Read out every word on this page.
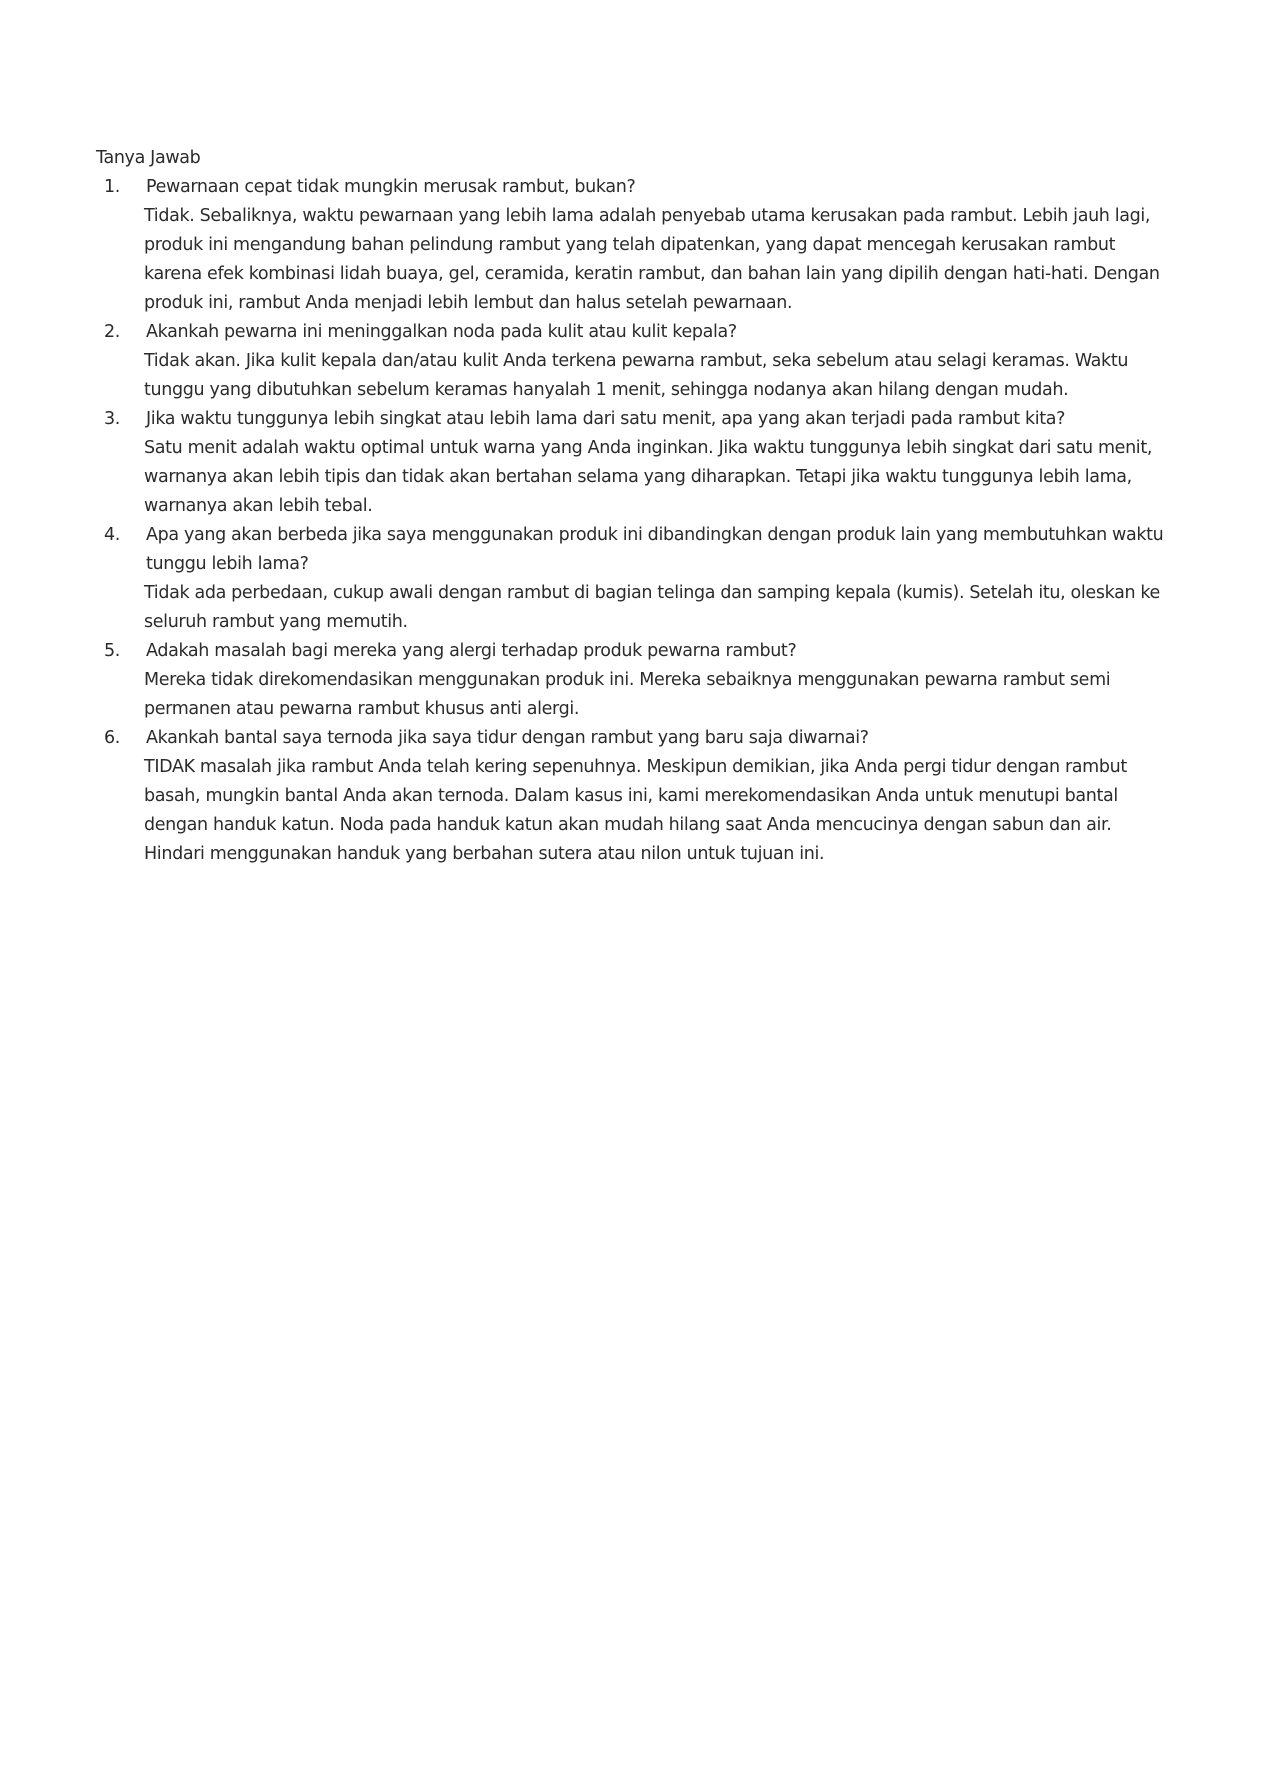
Tanya Jawab
1. Pewarnaan cepat tidak mungkin merusak rambut, bukan?
Tidak. Sebaliknya, waktu pewarnaan yang lebih lama adalah penyebab utama kerusakan pada rambut. Lebih jauh lagi, produk ini mengandung bahan pelindung rambut yang telah dipatenkan, yang dapat mencegah kerusakan rambut karena efek kombinasi lidah buaya, gel, ceramida, keratin rambut, dan bahan lain yang dipilih dengan hati-hati. Dengan produk ini, rambut Anda menjadi lebih lembut dan halus setelah pewarnaan.
2. Akankah pewarna ini meninggalkan noda pada kulit atau kulit kepala?
Tidak akan. Jika kulit kepala dan/atau kulit Anda terkena pewarna rambut, seka sebelum atau selagi keramas. Waktu tunggu yang dibutuhkan sebelum keramas hanyalah 1 menit, sehingga nodanya akan hilang dengan mudah.
3. Jika waktu tunggunya lebih singkat atau lebih lama dari satu menit, apa yang akan terjadi pada rambut kita?
Satu menit adalah waktu optimal untuk warna yang Anda inginkan. Jika waktu tunggunya lebih singkat dari satu menit, warnanya akan lebih tipis dan tidak akan bertahan selama yang diharapkan. Tetapi jika waktu tunggunya lebih lama, warnanya akan lebih tebal.
4. Apa yang akan berbeda jika saya menggunakan produk ini dibandingkan dengan produk lain yang membutuhkan waktu tunggu lebih lama?
Tidak ada perbedaan, cukup awali dengan rambut di bagian telinga dan samping kepala (kumis). Setelah itu, oleskan ke seluruh rambut yang memutih.
5. Adakah masalah bagi mereka yang alergi terhadap produk pewarna rambut?
Mereka tidak direkomendasikan menggunakan produk ini. Mereka sebaiknya menggunakan pewarna rambut semi permanen atau pewarna rambut khusus anti alergi.
6. Akankah bantal saya ternoda jika saya tidur dengan rambut yang baru saja diwarnai?
TIDAK masalah jika rambut Anda telah kering sepenuhnya. Meskipun demikian, jika Anda pergi tidur dengan rambut basah, mungkin bantal Anda akan ternoda. Dalam kasus ini, kami merekomendasikan Anda untuk menutupi bantal dengan handuk katun. Noda pada handuk katun akan mudah hilang saat Anda mencucinya dengan sabun dan air. Hindari menggunakan handuk yang berbahan sutera atau nilon untuk tujuan ini.
